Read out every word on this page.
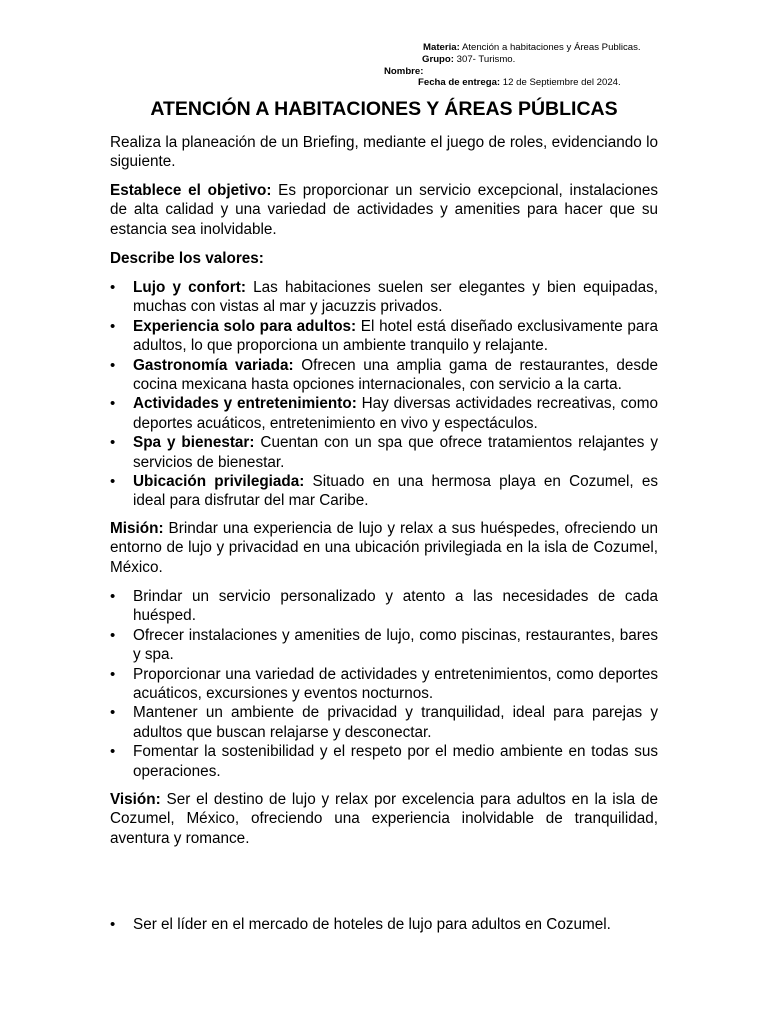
Materia: Atención a habitaciones y Áreas Publicas.
Grupo: 307- Turismo.
Nombre:
Fecha de entrega: 12 de Septiembre del 2024.
ATENCIÓN A HABITACIONES Y ÁREAS PÚBLICAS

Realiza la planeación de un Briefing, mediante el juego de roles, evidenciando lo siguiente.

Establece el objetivo: Es proporcionar un servicio excepcional, instalaciones de alta calidad y una variedad de actividades y amenities para hacer que su estancia sea inolvidable.

Describe los valores:

•	Lujo y confort: Las habitaciones suelen ser elegantes y bien equipadas, muchas con vistas al mar y jacuzzis privados.
•	Experiencia solo para adultos: El hotel está diseñado exclusivamente para adultos, lo que proporciona un ambiente tranquilo y relajante.
•	Gastronomía variada: Ofrecen una amplia gama de restaurantes, desde cocina mexicana hasta opciones internacionales, con servicio a la carta.
•	Actividades y entretenimiento: Hay diversas actividades recreativas, como deportes acuáticos, entretenimiento en vivo y espectáculos.
•	Spa y bienestar: Cuentan con un spa que ofrece tratamientos relajantes y servicios de bienestar.
•	Ubicación privilegiada: Situado en una hermosa playa en Cozumel, es ideal para disfrutar del mar Caribe.

Misión: Brindar una experiencia de lujo y relax a sus huéspedes, ofreciendo un entorno de lujo y privacidad en una ubicación privilegiada en la isla de Cozumel, México.

•	Brindar un servicio personalizado y atento a las necesidades de cada huésped.
•	Ofrecer instalaciones y amenities de lujo, como piscinas, restaurantes, bares y spa.
•	Proporcionar una variedad de actividades y entretenimientos, como deportes acuáticos, excursiones y eventos nocturnos.
•	Mantener un ambiente de privacidad y tranquilidad, ideal para parejas y adultos que buscan relajarse y desconectar.
•	Fomentar la sostenibilidad y el respeto por el medio ambiente en todas sus operaciones.

Visión: Ser el destino de lujo y relax por excelencia para adultos en la isla de Cozumel, México, ofreciendo una experiencia inolvidable de tranquilidad, aventura y romance.

•	Ser el líder en el mercado de hoteles de lujo para adultos en Cozumel.
